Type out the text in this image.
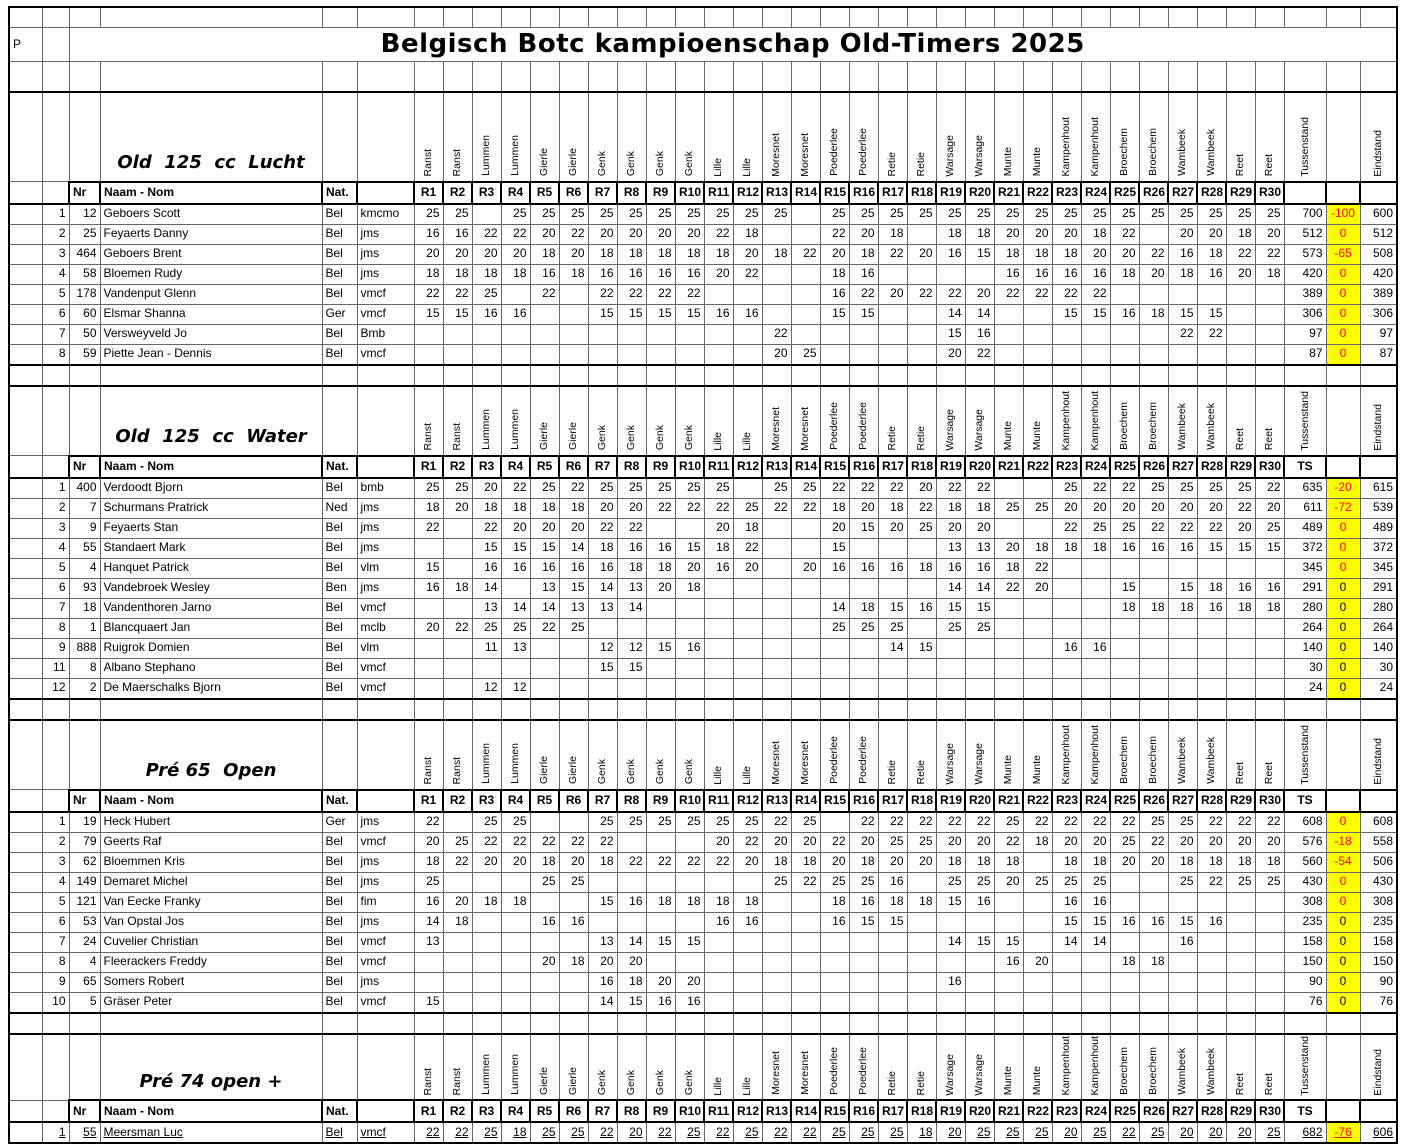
P		Belgisch Botc kampioenschap Old-Timers 2025																																				

			Old  125  cc  Lucht			Ranst	Ranst	Lummen	Lummen	Gierle	Gierle	Genk	Genk	Genk	Genk	Lille	Lille	Moresnet	Moresnet	Poederlee	Poederlee	Retie	Retie	Warsage	Warsage	Munte	Munte	Kampenhout	Kampenhout	Broechem	Broechem	Wambeek	Wambeek	Reet	Reet	Tussenstand		Eindstand
		Nr	Naam - Nom	Nat.		R1	R2	R3	R4	R5	R6	R7	R8	R9	R10	R11	R12	R13	R14	R15	R16	R17	R18	R19	R20	R21	R22	R23	R24	R25	R26	R27	R28	R29	R30			
	1	12	Geboers Scott	Bel	kmcmo	25	25		25	25	25	25	25	25	25	25	25	25		25	25	25	25	25	25	25	25	25	25	25	25	25	25	25	25	700	-100	600
	2	25	Feyaerts Danny	Bel	jms	16	16	22	22	20	22	20	20	20	20	22	18			22	20	18		18	18	20	20	20	18	22		20	20	18	20	512	0	512
	3	464	Geboers Brent	Bel	jms	20	20	20	20	18	20	18	18	18	18	18	20	18	22	20	18	22	20	16	15	18	18	18	20	20	22	16	18	22	22	573	-65	508
	4	58	Bloemen Rudy	Bel	jms	18	18	18	18	16	18	16	16	16	16	20	22			18	16					16	16	16	16	18	20	18	16	20	18	420	0	420
	5	178	Vandenput Glenn	Bel	vmcf	22	22	25		22		22	22	22	22					16	22	20	22	22	20	22	22	22	22							389	0	389
	6	60	Elsmar Shanna	Ger	vmcf	15	15	16	16			15	15	15	15	16	16			15	15			14	14			15	15	16	18	15	15			306	0	306
	7	50	Versweyveld Jo	Bel	Bmb													22						15	16							22	22			97	0	97
	8	59	Piette Jean - Dennis	Bel	vmcf													20	25					20	22											87	0	87

			Old  125  cc  Water			Ranst	Ranst	Lummen	Lummen	Gierle	Gierle	Genk	Genk	Genk	Genk	Lille	Lille	Moresnet	Moresnet	Poederlee	Poederlee	Retie	Retie	Warsage	Warsage	Munte	Munte	Kampenhout	Kampenhout	Broechem	Broechem	Wambeek	Wambeek	Reet	Reet	Tussenstand		Eindstand
		Nr	Naam - Nom	Nat.		R1	R2	R3	R4	R5	R6	R7	R8	R9	R10	R11	R12	R13	R14	R15	R16	R17	R18	R19	R20	R21	R22	R23	R24	R25	R26	R27	R28	R29	R30	TS		
	1	400	Verdoodt Bjorn	Bel	bmb	25	25	20	22	25	22	25	25	25	25	25		25	25	22	22	22	20	22	22			25	22	22	25	25	25	25	22	635	-20	615
	2	7	Schurmans Pratrick	Ned	jms	18	20	18	18	18	18	20	20	22	22	22	25	22	22	18	20	18	22	18	18	25	25	20	20	20	20	20	20	22	20	611	-72	539
	3	9	Feyaerts Stan	Bel	jms	22		22	20	20	20	22	22			20	18			20	15	20	25	20	20			22	25	25	22	22	22	20	25	489	0	489
	4	55	Standaert Mark	Bel	jms			15	15	15	14	18	16	16	15	18	22			15				13	13	20	18	18	18	16	16	16	15	15	15	372	0	372
	5	4	Hanquet Patrick	Bel	vlm	15		16	16	16	16	16	18	18	20	16	20		20	16	16	16	18	16	16	18	22									345	0	345
	6	93	Vandebroek Wesley	Ben	jms	16	18	14		13	15	14	13	20	18									14	14	22	20			15		15	18	16	16	291	0	291
	7	18	Vandenthoren Jarno	Bel	vmcf			13	14	14	13	13	14							14	18	15	16	15	15					18	18	18	16	18	18	280	0	280
	8	1	Blancquaert Jan	Bel	mclb	20	22	25	25	22	25									25	25	25		25	25											264	0	264
	9	888	Ruigrok Domien	Bel	vlm			11	13			12	12	15	16							14	15					16	16							140	0	140
	11	8	Albano Stephano	Bel	vmcf							15	15																							30	0	30
	12	2	De Maerschalks Bjorn	Bel	vmcf			12	12																											24	0	24

			Pré 65  Open			Ranst	Ranst	Lummen	Lummen	Gierle	Gierle	Genk	Genk	Genk	Genk	Lille	Lille	Moresnet	Moresnet	Poederlee	Poederlee	Retie	Retie	Warsage	Warsage	Munte	Munte	Kampenhout	Kampenhout	Broechem	Broechem	Wambeek	Wambeek	Reet	Reet	Tussenstand		Eindstand
		Nr	Naam - Nom	Nat.		R1	R2	R3	R4	R5	R6	R7	R8	R9	R10	R11	R12	R13	R14	R15	R16	R17	R18	R19	R20	R21	R22	R23	R24	R25	R26	R27	R28	R29	R30	TS		
	1	19	Heck Hubert	Ger	jms	22		25	25			25	25	25	25	25	25	22	25		22	22	22	22	22	25	22	22	22	22	25	25	22	22	22	608	0	608
	2	79	Geerts Raf	Bel	vmcf	20	25	22	22	22	22	22				20	22	20	20	22	20	25	25	20	20	22	18	20	20	25	22	20	20	20	20	576	-18	558
	3	62	Bloemmen Kris	Bel	jms	18	22	20	20	18	20	18	22	22	22	22	20	18	18	20	18	20	20	18	18	18		18	18	20	20	18	18	18	18	560	-54	506
	4	149	Demaret Michel	Bel	jms	25				25	25							25	22	25	25	16		25	25	20	25	25	25			25	22	25	25	430	0	430
	5	121	Van Eecke Franky	Bel	fim	16	20	18	18			15	16	18	18	18	18			18	16	18	18	15	16			16	16							308	0	308
	6	53	Van Opstal Jos	Bel	jms	14	18			16	16					16	16			16	15	15						15	15	16	16	15	16			235	0	235
	7	24	Cuvelier Christian	Bel	vmcf	13						13	14	15	15									14	15	15		14	14			16				158	0	158
	8	4	Fleerackers Freddy	Bel	vmcf					20	18	20	20													16	20			18	18					150	0	150
	9	65	Somers Robert	Bel	jms							16	18	20	20									16												90	0	90
	10	5	Gräser Peter	Bel	vmcf	15						14	15	16	16																					76	0	76

			Pré 74 open +			Ranst	Ranst	Lummen	Lummen	Gierle	Gierle	Genk	Genk	Genk	Genk	Lille	Lille	Moresnet	Moresnet	Poederlee	Poederlee	Retie	Retie	Warsage	Warsage	Munte	Munte	Kampenhout	Kampenhout	Broechem	Broechem	Wambeek	Wambeek	Reet	Reet	Tussenstand		Eindstand
		Nr	Naam - Nom	Nat.		R1	R2	R3	R4	R5	R6	R7	R8	R9	R10	R11	R12	R13	R14	R15	R16	R17	R18	R19	R20	R21	R22	R23	R24	R25	R26	R27	R28	R29	R30	TS		
	1	55	Meersman Luc	Bel	vmcf	22	22	25	18	25	25	22	20	22	25	22	25	22	22	25	25	25	18	20	25	25	25	20	25	22	25	20	20	20	25	682	-76	606
